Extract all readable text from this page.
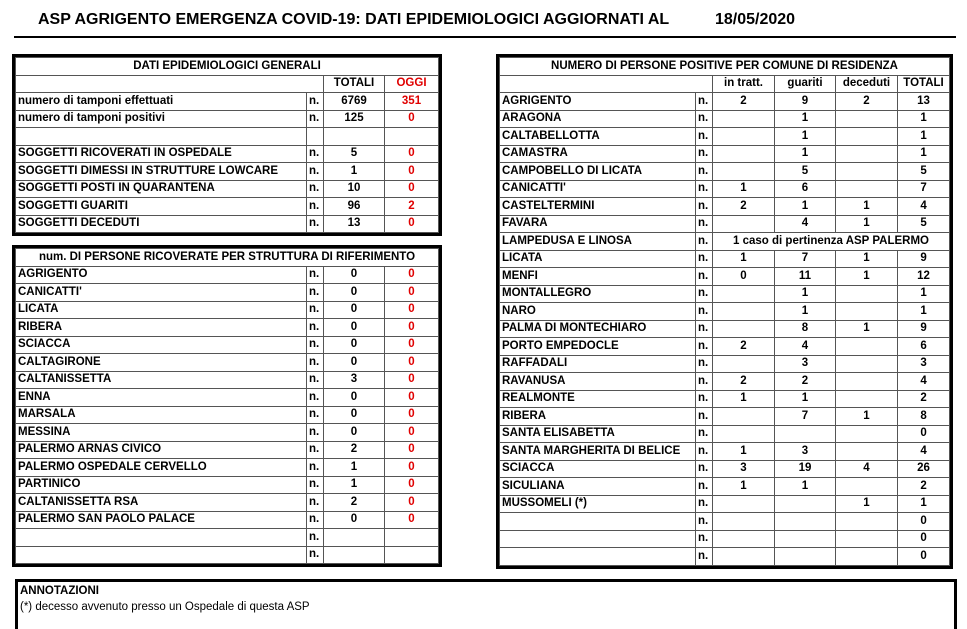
ASP AGRIGENTO EMERGENZA COVID-19: DATI EPIDEMIOLOGICI AGGIORNATI AL	18/05/2020
DATI EPIDEMIOLOGICI GENERALI			
		TOTALI	OGGI
numero di tamponi effettuati	n.	6769	351
numero di tamponi positivi	n.	125	0

SOGGETTI RICOVERATI IN OSPEDALE	n.	5	0
SOGGETTI DIMESSI IN STRUTTURE LOWCARE	n.	1	0
SOGGETTI POSTI IN QUARANTENA	n.	10	0
SOGGETTI GUARITI	n.	96	2
SOGGETTI DECEDUTI	n.	13	0
num. DI PERSONE RICOVERATE PER STRUTTURA DI RIFERIMENTO			
AGRIGENTO	n.	0	0
CANICATTI'	n.	0	0
LICATA	n.	0	0
RIBERA	n.	0	0
SCIACCA	n.	0	0
CALTAGIRONE	n.	0	0
CALTANISSETTA	n.	3	0
ENNA	n.	0	0
MARSALA	n.	0	0
MESSINA	n.	0	0
PALERMO ARNAS CIVICO	n.	2	0
PALERMO OSPEDALE CERVELLO	n.	1	0
PARTINICO	n.	1	0
CALTANISSETTA RSA	n.	2	0
PALERMO SAN PAOLO PALACE	n.	0	0
	n.		
	n.		
NUMERO DI PERSONE POSITIVE PER COMUNE DI RESIDENZA					
		in tratt.	guariti	deceduti	TOTALI
AGRIGENTO	n.	2	9	2	13
ARAGONA	n.		1		1
CALTABELLOTTA	n.		1		1
CAMASTRA	n.		1		1
CAMPOBELLO DI LICATA	n.		5		5
CANICATTI'	n.	1	6		7
CASTELTERMINI	n.	2	1	1	4
FAVARA	n.		4	1	5
LAMPEDUSA E LINOSA	n.	1 caso di pertinenza ASP PALERMO			
LICATA	n.	1	7	1	9
MENFI	n.	0	11	1	12
MONTALLEGRO	n.		1		1
NARO	n.		1		1
PALMA DI MONTECHIARO	n.		8	1	9
PORTO EMPEDOCLE	n.	2	4		6
RAFFADALI	n.		3		3
RAVANUSA	n.	2	2		4
REALMONTE	n.	1	1		2
RIBERA	n.		7	1	8
SANTA ELISABETTA	n.				0
SANTA MARGHERITA DI BELICE	n.	1	3		4
SCIACCA	n.	3	19	4	26
SICULIANA	n.	1	1		2
MUSSOMELI (*)	n.			1	1
	n.				0
	n.				0
	n.				0
ANNOTAZIONI
(*) decesso avvenuto presso un Ospedale di questa ASP
